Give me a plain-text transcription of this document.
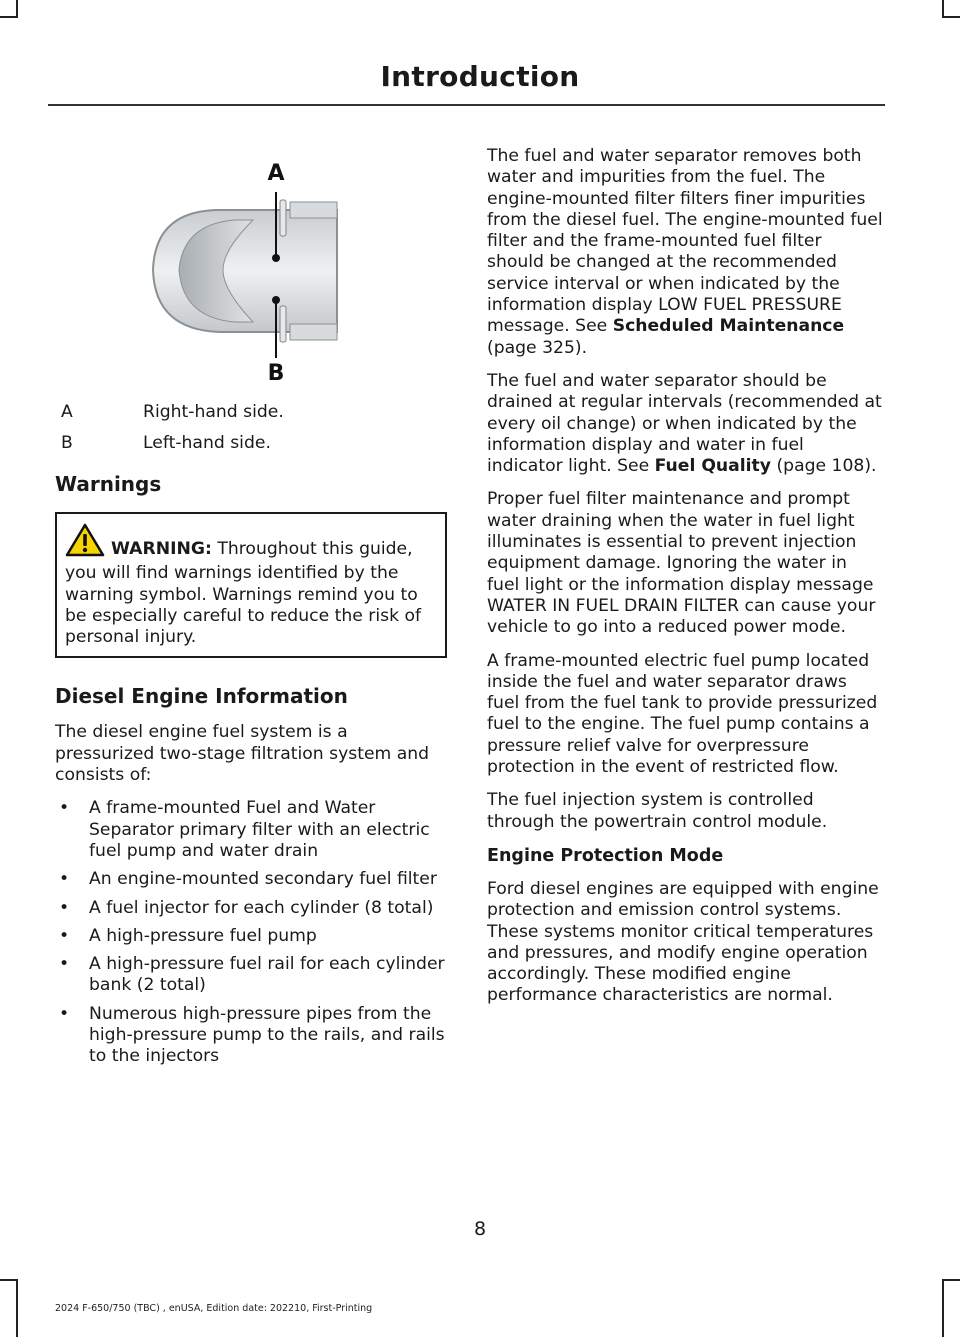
Introduction
A
B
A	Right-hand side.
B	Left-hand side.
Warnings
WARNING: Throughout this guide, you will find warnings identified by the warning symbol. Warnings remind you to be especially careful to reduce the risk of personal injury.
Diesel Engine Information

The diesel engine fuel system is a pressurized two-stage filtration system and consists of:

• A frame-mounted Fuel and Water Separator primary filter with an electric fuel pump and water drain
• An engine-mounted secondary fuel filter
• A fuel injector for each cylinder (8 total)
• A high-pressure fuel pump
• A high-pressure fuel rail for each cylinder bank (2 total)
• Numerous high-pressure pipes from the high-pressure pump to the rails, and rails to the injectors

The fuel and water separator removes both water and impurities from the fuel. The engine-mounted filter filters finer impurities from the diesel fuel. The engine-mounted fuel filter and the frame-mounted fuel filter should be changed at the recommended service interval or when indicated by the information display LOW FUEL PRESSURE message. See Scheduled Maintenance (page 325).

The fuel and water separator should be drained at regular intervals (recommended at every oil change) or when indicated by the information display and water in fuel indicator light. See Fuel Quality (page 108).

Proper fuel filter maintenance and prompt water draining when the water in fuel light illuminates is essential to prevent injection equipment damage. Ignoring the water in fuel light or the information display message WATER IN FUEL DRAIN FILTER can cause your vehicle to go into a reduced power mode.

A frame-mounted electric fuel pump located inside the fuel and water separator draws fuel from the fuel tank to provide pressurized fuel to the engine. The fuel pump contains a pressure relief valve for overpressure protection in the event of restricted flow.

The fuel injection system is controlled through the powertrain control module.

Engine Protection Mode

Ford diesel engines are equipped with engine protection and emission control systems. These systems monitor critical temperatures and pressures, and modify engine operation accordingly. These modified engine performance characteristics are normal.

8
2024 F-650/750 (TBC) , enUSA, Edition date: 202210, First-Printing
